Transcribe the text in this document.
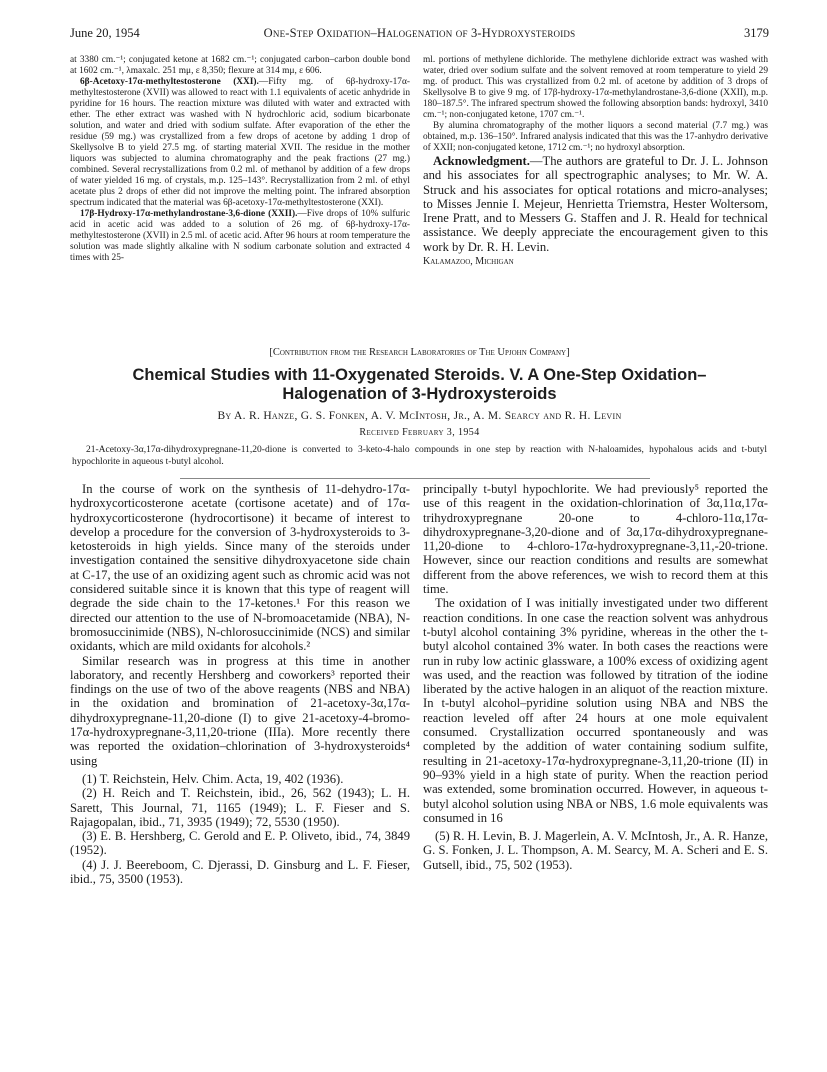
June 20, 1954	One-Step Oxidation–Halogenation of 3-Hydroxysteroids	3179

at 3380 cm.⁻¹; conjugated ketone at 1682 cm.⁻¹; conjugated carbon–carbon double bond at 1602 cm.⁻¹, λmaxalc. 251 mμ, ε 8,350; flexure at 314 mμ, ε 606.

6β-Acetoxy-17α-methyltestosterone (XXI).—Fifty mg. of 6β-hydroxy-17α-methyltestosterone (XVII) was allowed to react with 1.1 equivalents of acetic anhydride in pyridine for 16 hours. The reaction mixture was diluted with water and extracted with ether. The ether extract was washed with N hydrochloric acid, sodium bicarbonate solution, and water and dried with sodium sulfate. After evaporation of the ether the residue (59 mg.) was crystallized from a few drops of acetone by adding 1 drop of Skellysolve B to yield 27.5 mg. of starting material XVII. The residue in the mother liquors was subjected to alumina chromatography and the peak fractions (27 mg.) combined. Several recrystallizations from 0.2 ml. of methanol by addition of a few drops of water yielded 16 mg. of crystals, m.p. 125–143°. Recrystallization from 2 ml. of ethyl acetate plus 2 drops of ether did not improve the melting point. The infrared absorption spectrum indicated that the material was 6β-acetoxy-17α-methyltestosterone (XXI).

17β-Hydroxy-17α-methylandrostane-3,6-dione (XXII).—Five drops of 10% sulfuric acid in acetic acid was added to a solution of 26 mg. of 6β-hydroxy-17α-methyltestosterone (XVII) in 2.5 ml. of acetic acid. After 96 hours at room temperature the solution was made slightly alkaline with N sodium carbonate solution and extracted 4 times with 25-

ml. portions of methylene dichloride. The methylene dichloride extract was washed with water, dried over sodium sulfate and the solvent removed at room temperature to yield 29 mg. of product. This was crystallized from 0.2 ml. of acetone by addition of 3 drops of Skellysolve B to give 9 mg. of 17β-hydroxy-17α-methylandrostane-3,6-dione (XXII), m.p. 180–187.5°. The infrared spectrum showed the following absorption bands: hydroxyl, 3410 cm.⁻¹; non-conjugated ketone, 1707 cm.⁻¹.

By alumina chromatography of the mother liquors a second material (7.7 mg.) was obtained, m.p. 136–150°. Infrared analysis indicated that this was the 17-anhydro derivative of XXII; non-conjugated ketone, 1712 cm.⁻¹; no hydroxyl absorption.

Acknowledgment.—The authors are grateful to Dr. J. L. Johnson and his associates for all spectrographic analyses; to Mr. W. A. Struck and his associates for optical rotations and micro-analyses; to Misses Jennie I. Mejeur, Henrietta Triemstra, Hester Woltersom, Irene Pratt, and to Messers G. Staffen and J. R. Heald for technical assistance. We deeply appreciate the encouragement given to this work by Dr. R. H. Levin.

Kalamazoo, Michigan
[Contribution from the Research Laboratories of The Upjohn Company]
Chemical Studies with 11-Oxygenated Steroids. V. A One-Step Oxidation–
Halogenation of 3-Hydroxysteroids
By A. R. Hanze, G. S. Fonken, A. V. McIntosh, Jr., A. M. Searcy and R. H. Levin
Received February 3, 1954
21-Acetoxy-3α,17α-dihydroxypregnane-11,20-dione is converted to 3-keto-4-halo compounds in one step by reaction with N-haloamides, hypohalous acids and t-butyl hypochlorite in aqueous t-butyl alcohol.

In the course of work on the synthesis of 11-dehydro-17α-hydroxycorticosterone acetate (cortisone acetate) and of 17α-hydroxycorticosterone (hydrocortisone) it became of interest to develop a procedure for the conversion of 3-hydroxysteroids to 3-ketosteroids in high yields. Since many of the steroids under investigation contained the sensitive dihydroxyacetone side chain at C-17, the use of an oxidizing agent such as chromic acid was not considered suitable since it is known that this type of reagent will degrade the side chain to the 17-ketones.¹ For this reason we directed our attention to the use of N-bromoacetamide (NBA), N-bromosuccinimide (NBS), N-chlorosuccinimide (NCS) and similar oxidants, which are mild oxidants for alcohols.²

Similar research was in progress at this time in another laboratory, and recently Hershberg and coworkers³ reported their findings on the use of two of the above reagents (NBS and NBA) in the oxidation and bromination of 21-acetoxy-3α,17α-dihydroxypregnane-11,20-dione (I) to give 21-acetoxy-4-bromo-17α-hydroxypregnane-3,11,20-trione (IIIa). More recently there was reported the oxidation–chlorination of 3-hydroxysteroids⁴ using

(1) T. Reichstein, Helv. Chim. Acta, 19, 402 (1936).

(2) H. Reich and T. Reichstein, ibid., 26, 562 (1943); L. H. Sarett, This Journal, 71, 1165 (1949); L. F. Fieser and S. Rajagopalan, ibid., 71, 3935 (1949); 72, 5530 (1950).

(3) E. B. Hershberg, C. Gerold and E. P. Oliveto, ibid., 74, 3849 (1952).

(4) J. J. Beereboom, C. Djerassi, D. Ginsburg and L. F. Fieser, ibid., 75, 3500 (1953).

principally t-butyl hypochlorite. We had previously⁵ reported the use of this reagent in the oxidation-chlorination of 3α,11α,17α-trihydroxypregnane 20-one to 4-chloro-11α,17α-dihydroxypregnane-3,20-dione and of 3α,17α-dihydroxypregnane-11,20-dione to 4-chloro-17α-hydroxypregnane-3,11,-20-trione. However, since our reaction conditions and results are somewhat different from the above references, we wish to record them at this time.

The oxidation of I was initially investigated under two different reaction conditions. In one case the reaction solvent was anhydrous t-butyl alcohol containing 3% pyridine, whereas in the other the t-butyl alcohol contained 3% water. In both cases the reactions were run in ruby low actinic glassware, a 100% excess of oxidizing agent was used, and the reaction was followed by titration of the iodine liberated by the active halogen in an aliquot of the reaction mixture. In t-butyl alcohol–pyridine solution using NBA and NBS the reaction leveled off after 24 hours at one mole equivalent consumed. Crystallization occurred spontaneously and was completed by the addition of water containing sodium sulfite, resulting in 21-acetoxy-17α-hydroxypregnane-3,11,20-trione (II) in 90–93% yield in a high state of purity. When the reaction period was extended, some bromination occurred. However, in aqueous t-butyl alcohol solution using NBA or NBS, 1.6 mole equivalents was consumed in 16

(5) R. H. Levin, B. J. Magerlein, A. V. McIntosh, Jr., A. R. Hanze, G. S. Fonken, J. L. Thompson, A. M. Searcy, M. A. Scheri and E. S. Gutsell, ibid., 75, 502 (1953).
